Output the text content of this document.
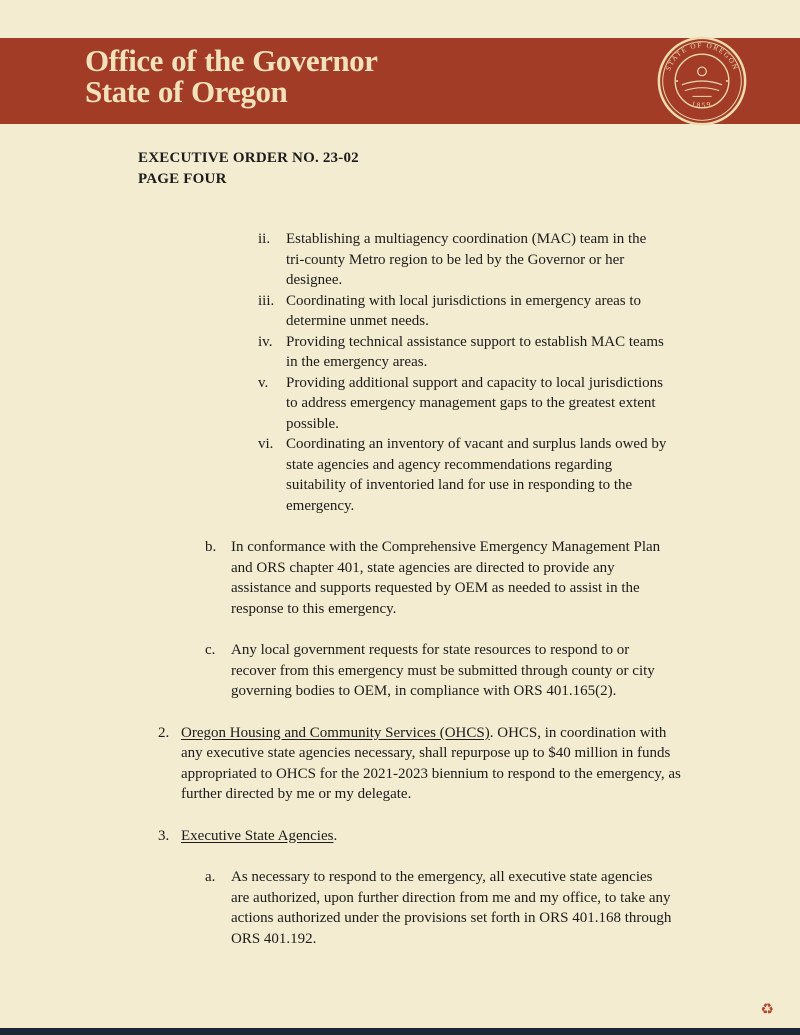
Office of the Governor
State of Oregon
STATE OF OREGON
1859
EXECUTIVE ORDER NO. 23-02
PAGE FOUR
ii.	Establishing a multiagency coordination (MAC) team in the tri-county Metro region to be led by the Governor or her designee.
iii. Coordinating with local jurisdictions in emergency areas to determine unmet needs.
iv. Providing technical assistance support to establish MAC teams in the emergency areas.
v.	Providing additional support and capacity to local jurisdictions to address emergency management gaps to the greatest extent possible.
vi. Coordinating an inventory of vacant and surplus lands owed by state agencies and agency recommendations regarding suitability of inventoried land for use in responding to the emergency.
b. In conformance with the Comprehensive Emergency Management Plan and ORS chapter 401, state agencies are directed to provide any assistance and supports requested by OEM as needed to assist in the response to this emergency.
c.	Any local government requests for state resources to respond to or recover from this emergency must be submitted through county or city governing bodies to OEM, in compliance with ORS 401.165(2).
2. Oregon Housing and Community Services (OHCS). OHCS, in coordination with any executive state agencies necessary, shall repurpose up to $40 million in funds appropriated to OHCS for the 2021-2023 biennium to respond to the emergency, as further directed by me or my delegate.
3. Executive State Agencies.
a.	As necessary to respond to the emergency, all executive state agencies are authorized, upon further direction from me and my office, to take any actions authorized under the provisions set forth in ORS 401.168 through ORS 401.192.
♻
